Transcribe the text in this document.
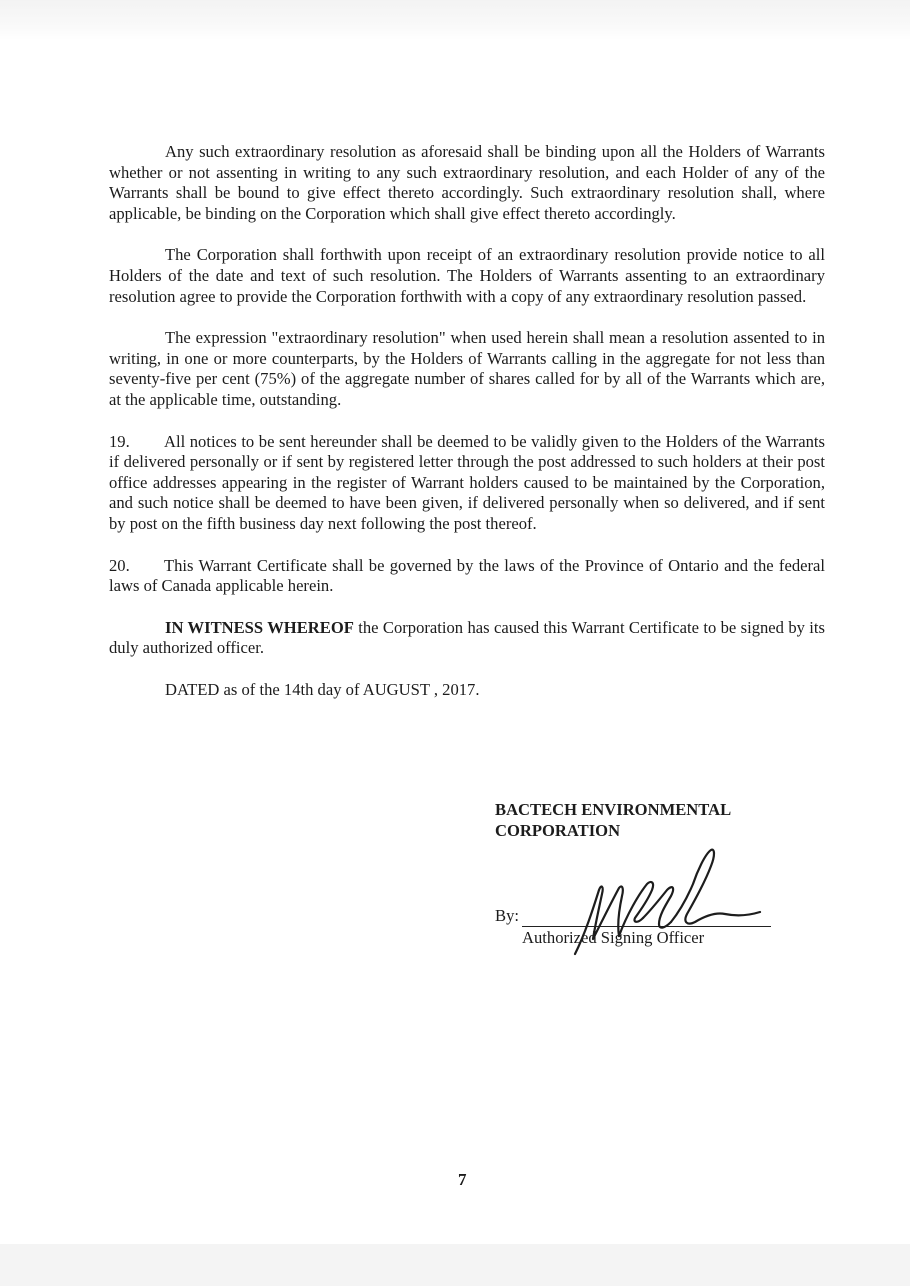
Any such extraordinary resolution as aforesaid shall be binding upon all the Holders of Warrants whether or not assenting in writing to any such extraordinary resolution, and each Holder of any of the Warrants shall be bound to give effect thereto accordingly. Such extraordinary resolution shall, where applicable, be binding on the Corporation which shall give effect thereto accordingly.

The Corporation shall forthwith upon receipt of an extraordinary resolution provide notice to all Holders of the date and text of such resolution. The Holders of Warrants assenting to an extraordinary resolution agree to provide the Corporation forthwith with a copy of any extraordinary resolution passed.

The expression "extraordinary resolution" when used herein shall mean a resolution assented to in writing, in one or more counterparts, by the Holders of Warrants calling in the aggregate for not less than seventy-five per cent (75%) of the aggregate number of shares called for by all of the Warrants which are, at the applicable time, outstanding.

19. All notices to be sent hereunder shall be deemed to be validly given to the Holders of the Warrants if delivered personally or if sent by registered letter through the post addressed to such holders at their post office addresses appearing in the register of Warrant holders caused to be maintained by the Corporation, and such notice shall be deemed to have been given, if delivered personally when so delivered, and if sent by post on the fifth business day next following the post thereof.

20. This Warrant Certificate shall be governed by the laws of the Province of Ontario and the federal laws of Canada applicable herein.

IN WITNESS WHEREOF the Corporation has caused this Warrant Certificate to be signed by its duly authorized officer.

DATED as of the 14th day of AUGUST , 2017.

BACTECH ENVIRONMENTAL
CORPORATION
By:
Authorized Signing Officer
7
